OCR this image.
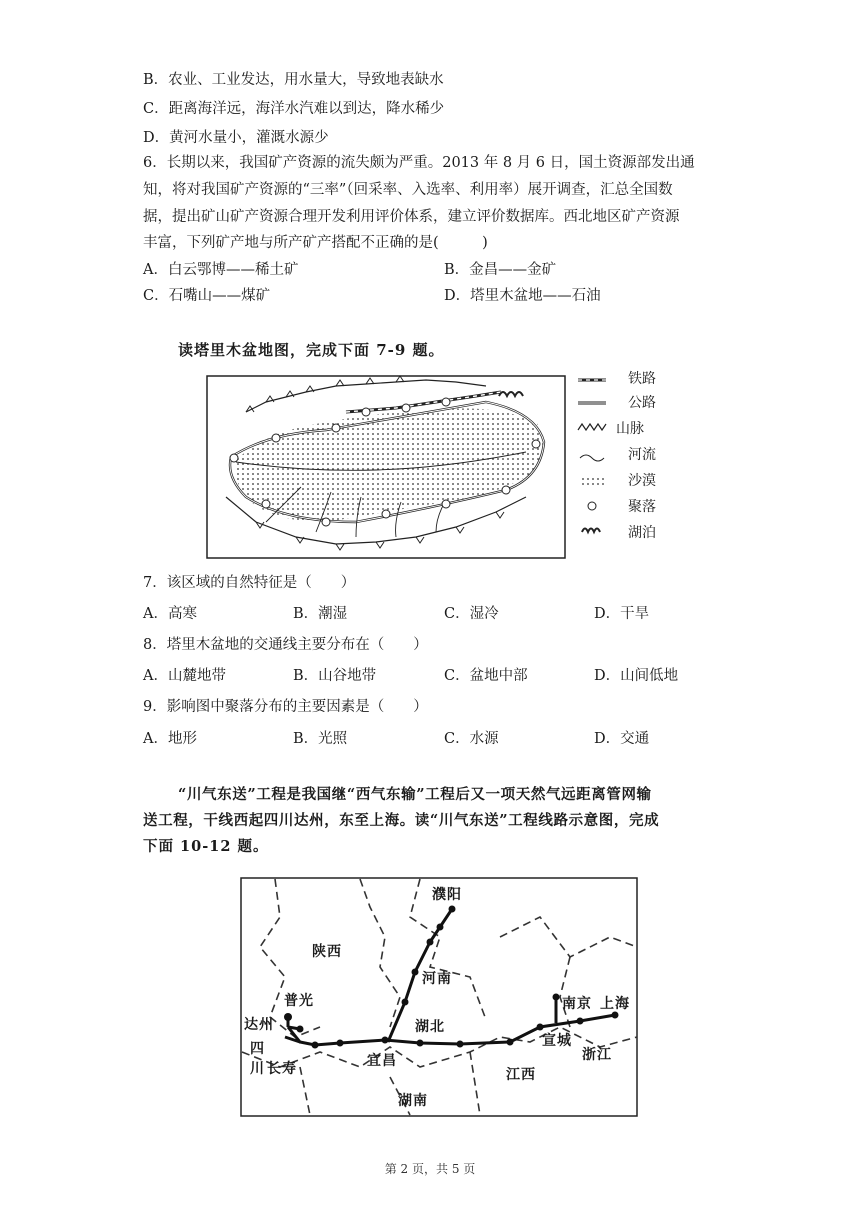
B．农业、工业发达，用水量大，导致地表缺水
C．距离海洋远，海洋水汽难以到达，降水稀少
D．黄河水量小，灌溉水源少
6．长期以来，我国矿产资源的流失颇为严重。2013 年 8 月 6 日，国土资源部发出通
知，将对我国矿产资源的“三率”（回采率、入选率、利用率）展开调查，汇总全国数
据，提出矿山矿产资源合理开发利用评价体系，建立评价数据库。西北地区矿产资源
丰富，下列矿产地与所产矿产搭配不正确的是(　　　)
A．白云鄂博——稀土矿	B．金昌——金矿
C．石嘴山——煤矿	D．塔里木盆地——石油
读塔里木盆地图，完成下面 7-9 题。
铁路
公路
山脉
河流
沙漠
聚落
湖泊
7．该区域的自然特征是（　　）
A．高寒	B．潮湿	C．湿冷	D．干旱
8．塔里木盆地的交通线主要分布在（　　）
A．山麓地带	B．山谷地带	C．盆地中部	D．山间低地
9．影响图中聚落分布的主要因素是（　　）
A．地形	B．光照	C．水源	D．交通
“川气东送”工程是我国继“西气东输”工程后又一项天然气远距离管网输
送工程，干线西起四川达州，东至上海。读“川气东送”工程线路示意图，完成
下面 10-12 题。
陕西
濮阳
河南
普光
达州	湖北
南京 上海
四
川 长寿	宜昌
宣城
浙江
江西
湖南
第 2 页，共 5 页
